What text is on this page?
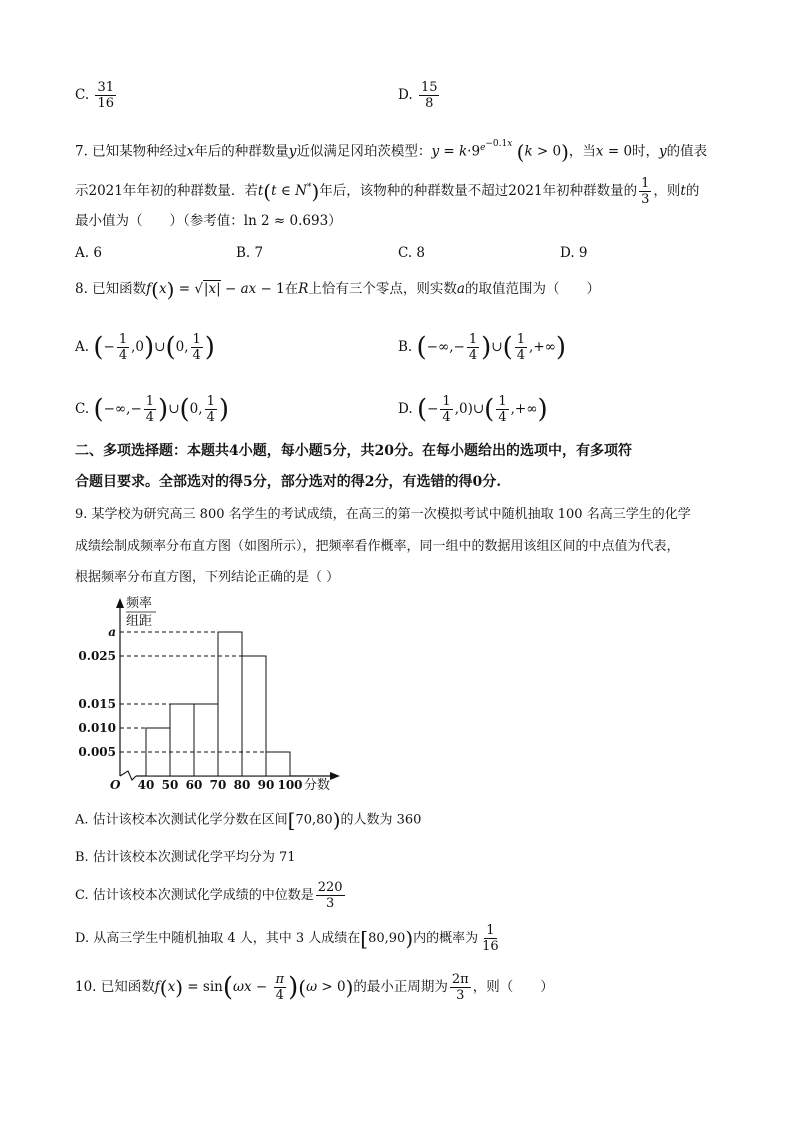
C. $\frac{31}{16}$	D. $\frac{15}{8}$
7. 已知某物种经过x年后的种群数量y近似满足冈珀茨模型：$y = k\cdot 9^{e^{-0.1x}}$ (k > 0)，当x = 0时，y的值表
示2021年年初的种群数量．若t(t ∈ N*)年后，该物种的种群数量不超过2021年初种群数量的 $\frac{1}{3}$ ，则t的
最小值为（　　）（参考值：ln 2 ≈ 0.693）
A. 6	B. 7	C. 8	D. 9
8. 已知函数f(x) = √|x| − ax − 1在R上恰有三个零点，则实数a的取值范围为（　　）
A. (− $\frac{1}{4}$ ,0)∪(0, $\frac{1}{4}$ )	B. (−∞,− $\frac{1}{4}$ )∪( $\frac{1}{4}$ ,+∞)
C. (−∞,− $\frac{1}{4}$ )∪(0, $\frac{1}{4}$ )	D. (− $\frac{1}{4}$ ,0)∪( $\frac{1}{4}$ ,+∞)
二、多项选择题：本题共4小题，每小题5分，共20分。在每小题给出的选项中，有多项符
合题目要求。全部选对的得5分，部分选对的得2分，有选错的得0分.
9. 某学校为研究高三 800 名学生的考试成绩，在高三的第一次模拟考试中随机抽取 100 名高三学生的化学
成绩绘制成频率分布直方图（如图所示），把频率看作概率，同一组中的数据用该组区间的中点值为代表，
根据频率分布直方图，下列结论正确的是（ ）
频率
组距
O
a
0.025
0.015
0.010
0.005
40 50 60 70 80 90 100 分数
A. 估计该校本次测试化学分数在区间[70,80)的人数为 360
B. 估计该校本次测试化学平均分为 71
C. 估计该校本次测试化学成绩的中位数是 $\frac{220}{3}$
D. 从高三学生中随机抽取 4 人，其中 3 人成绩在[80,90)内的概率为 $\frac{1}{16}$
10. 已知函数$f(x) = \sin(\omega x - \frac{\pi}{4} )(\omega > 0)$的最小正周期为 $\frac{2\pi}{3}$ ，则（　　）
